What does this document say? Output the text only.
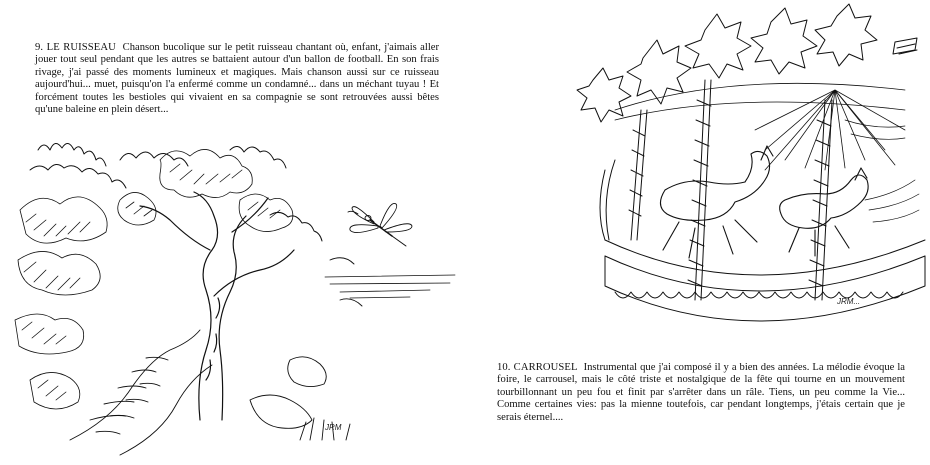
9. LE RUISSEAU Chanson bucolique sur le petit ruisseau chantant où, enfant, j'aimais aller jouer tout seul pendant que les autres se battaient autour d'un ballon de football. En son frais rivage, j'ai passé des moments lumineux et magiques. Mais chanson aussi sur ce ruisseau aujourd'hui... muet, puisqu'on l'a enfermé comme un condamné... dans un méchant tuyau ! Et forcément toutes les bestioles qui vivaient en sa compagnie se sont retrouvées aussi bêtes qu'une baleine en plein désert...
JRM
JRM...
10. CARROUSEL Instrumental que j'ai composé il y a bien des années. La mélodie évoque la foire, le carrousel, mais le côté triste et nostalgique de la fête qui tourne en un mouvement tourbillonnant un peu fou et finit par s'arrêter dans un râle. Tiens, un peu comme la Vie... Comme certaines vies: pas la mienne toutefois, car pendant longtemps, j'étais certain que je serais éternel....
